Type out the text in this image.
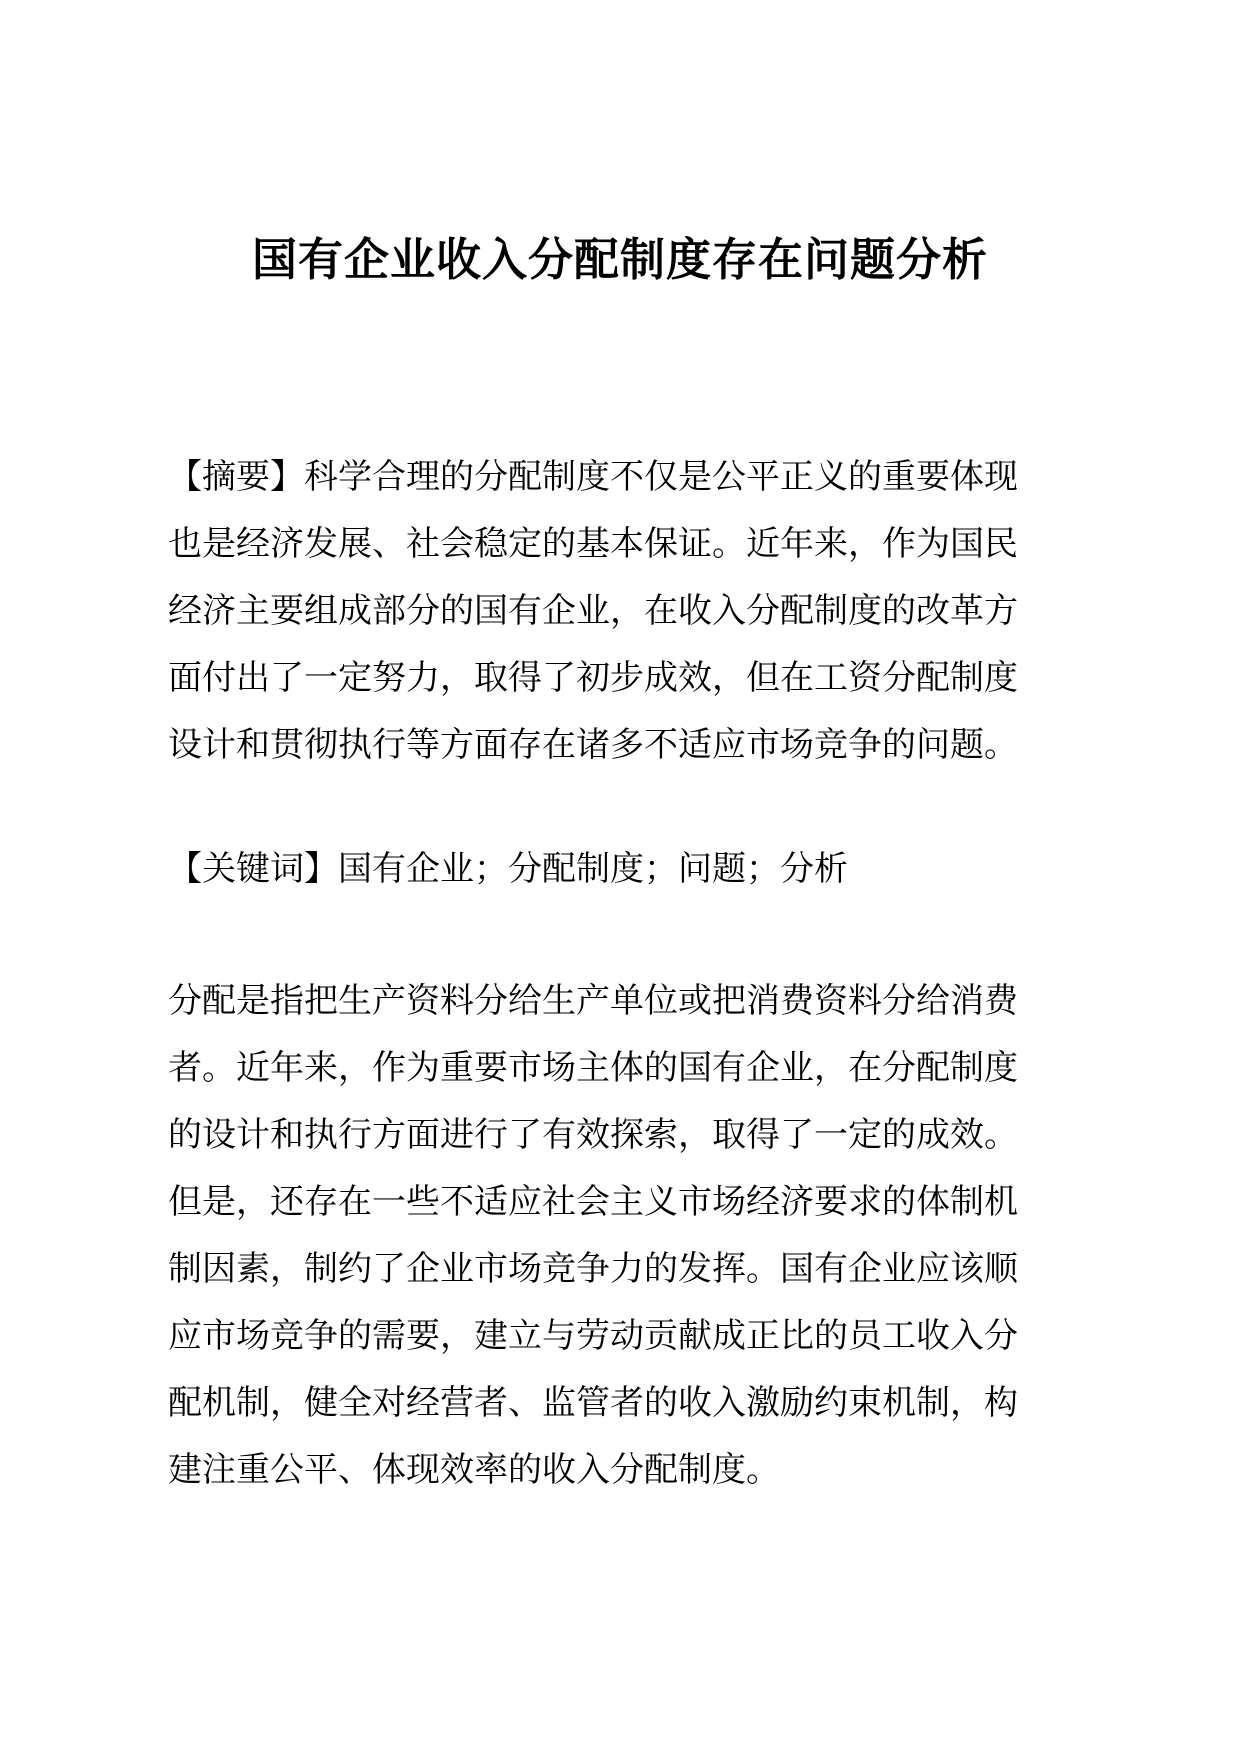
国有企业收入分配制度存在问题分析
【摘要】科学合理的分配制度不仅是公平正义的重要体现
也是经济发展、社会稳定的基本保证。近年来，作为国民
经济主要组成部分的国有企业，在收入分配制度的改革方
面付出了一定努力，取得了初步成效，但在工资分配制度
设计和贯彻执行等方面存在诸多不适应市场竞争的问题。
【关键词】国有企业；分配制度；问题；分析
分配是指把生产资料分给生产单位或把消费资料分给消费
者。近年来，作为重要市场主体的国有企业，在分配制度
的设计和执行方面进行了有效探索，取得了一定的成效。
但是，还存在一些不适应社会主义市场经济要求的体制机
制因素，制约了企业市场竞争力的发挥。国有企业应该顺
应市场竞争的需要，建立与劳动贡献成正比的员工收入分
配机制，健全对经营者、监管者的收入激励约束机制，构
建注重公平、体现效率的收入分配制度。
